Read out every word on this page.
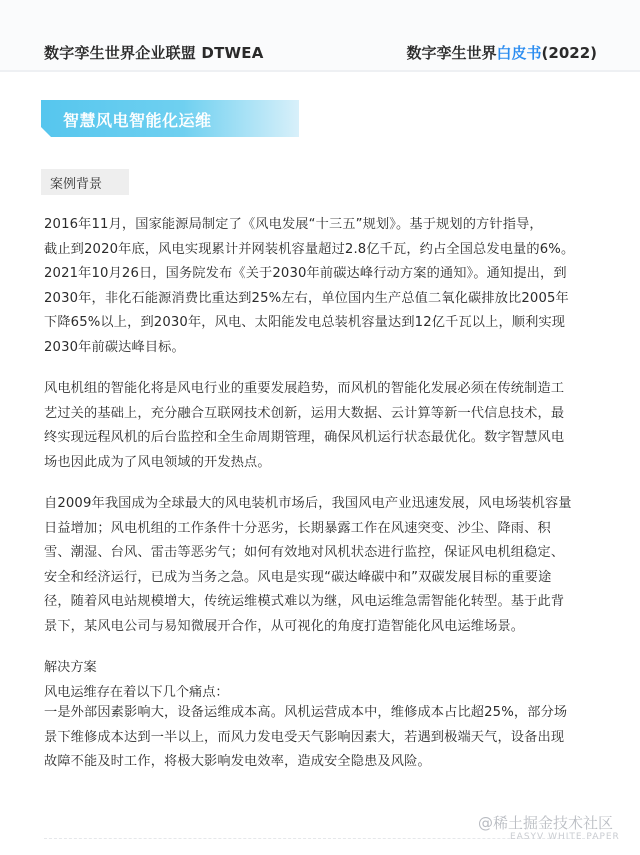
数字孪生世界企业联盟 DTWEA	数字孪生世界白皮书(2022)
智慧风电智能化运维
案例背景
2016年11月，国家能源局制定了《风电发展“十三五”规划》。基于规划的方针指导，
截止到2020年底，风电实现累计并网装机容量超过2.8亿千瓦，约占全国总发电量的6%。
2021年10月26日，国务院发布《关于2030年前碳达峰行动方案的通知》。通知提出，到
2030年，非化石能源消费比重达到25%左右，单位国内生产总值二氧化碳排放比2005年
下降65%以上，到2030年，风电、太阳能发电总装机容量达到12亿千瓦以上，顺利实现
2030年前碳达峰目标。
风电机组的智能化将是风电行业的重要发展趋势，而风机的智能化发展必须在传统制造工
艺过关的基础上，充分融合互联网技术创新，运用大数据、云计算等新一代信息技术，最
终实现远程风机的后台监控和全生命周期管理，确保风机运行状态最优化。数字智慧风电
场也因此成为了风电领域的开发热点。
自2009年我国成为全球最大的风电装机市场后，我国风电产业迅速发展，风电场装机容量
日益增加；风电机组的工作条件十分恶劣，长期暴露工作在风速突变、沙尘、降雨、积
雪、潮湿、台风、雷击等恶劣气；如何有效地对风机状态进行监控，保证风电机组稳定、
安全和经济运行，已成为当务之急。风电是实现“碳达峰碳中和”双碳发展目标的重要途
径，随着风电站规模增大，传统运维模式难以为继，风电运维急需智能化转型。基于此背
景下，某风电公司与易知微展开合作，从可视化的角度打造智能化风电运维场景。
解决方案
风电运维存在着以下几个痛点：
一是外部因素影响大，设备运维成本高。风机运营成本中，维修成本占比超25%，部分场
景下维修成本达到一半以上，而风力发电受天气影响因素大，若遇到极端天气，设备出现
故障不能及时工作，将极大影响发电效率，造成安全隐患及风险。
@稀土掘金技术社区
EASYV WHITE PAPER
